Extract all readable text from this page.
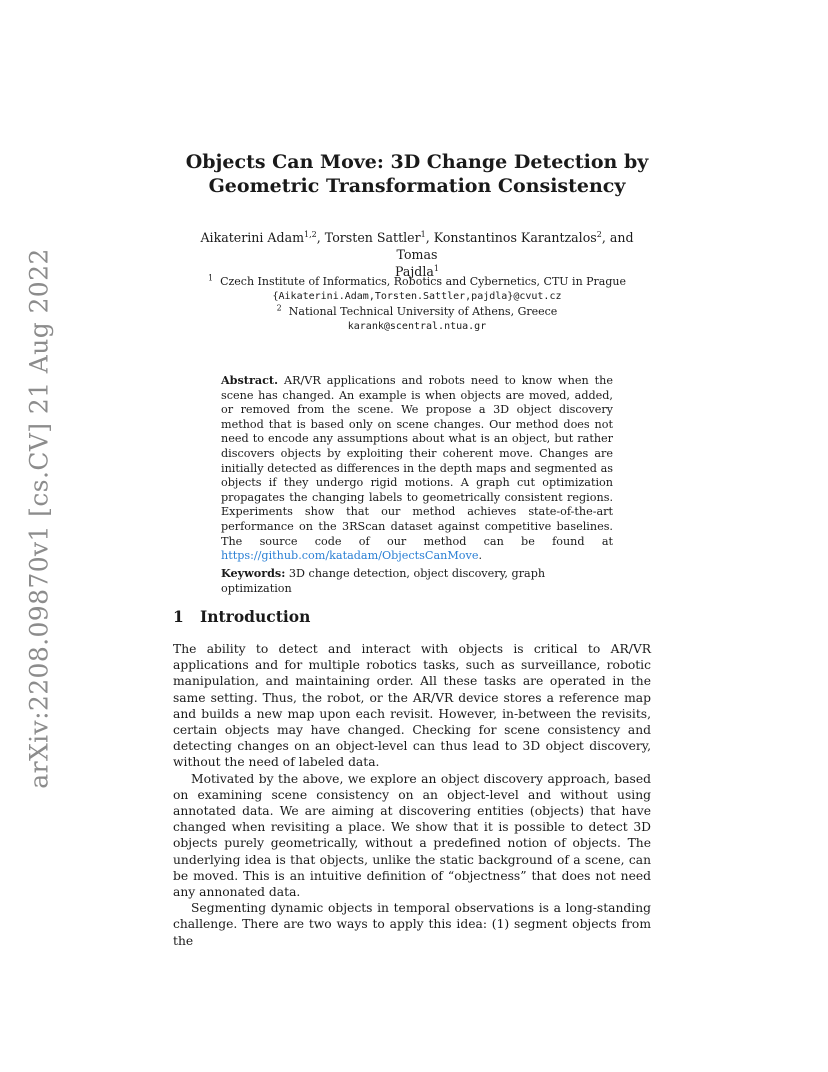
arXiv:2208.09870v1 [cs.CV] 21 Aug 2022
Objects Can Move: 3D Change Detection by
Geometric Transformation Consistency
Aikaterini Adam$^{1,2}$, Torsten Sattler$^1$, Konstantinos Karantzalos$^2$, and Tomas
Pajdla$^1$
$^1$ Czech Institute of Informatics, Robotics and Cybernetics, CTU in Prague
{Aikaterini.Adam,Torsten.Sattler,pajdla}@cvut.cz
$^2$ National Technical University of Athens, Greece
karank@scentral.ntua.gr
Abstract. AR/VR applications and robots need to know when the scene has changed. An example is when objects are moved, added, or removed from the scene. We propose a 3D object discovery method that is based only on scene changes. Our method does not need to encode any assumptions about what is an object, but rather discovers objects by exploiting their coherent move. Changes are initially detected as differences in the depth maps and segmented as objects if they undergo rigid motions. A graph cut optimization propagates the changing labels to geometrically consistent regions. Experiments show that our method achieves state-of-the-art performance on the 3RScan dataset against competitive baselines. The source code of our method can be found at https://github.com/katadam/ObjectsCanMove.
Keywords: 3D change detection, object discovery, graph optimization
1 Introduction

The ability to detect and interact with objects is critical to AR/VR applications and for multiple robotics tasks, such as surveillance, robotic manipulation, and maintaining order. All these tasks are operated in the same setting. Thus, the robot, or the AR/VR device stores a reference map and builds a new map upon each revisit. However, in-between the revisits, certain objects may have changed. Checking for scene consistency and detecting changes on an object-level can thus lead to 3D object discovery, without the need of labeled data.

Motivated by the above, we explore an object discovery approach, based on examining scene consistency on an object-level and without using annotated data. We are aiming at discovering entities (objects) that have changed when revisiting a place. We show that it is possible to detect 3D objects purely geometrically, without a predefined notion of objects. The underlying idea is that objects, unlike the static background of a scene, can be moved. This is an intuitive definition of “objectness” that does not need any annonated data.

Segmenting dynamic objects in temporal observations is a long-standing challenge. There are two ways to apply this idea: (1) segment objects from the
